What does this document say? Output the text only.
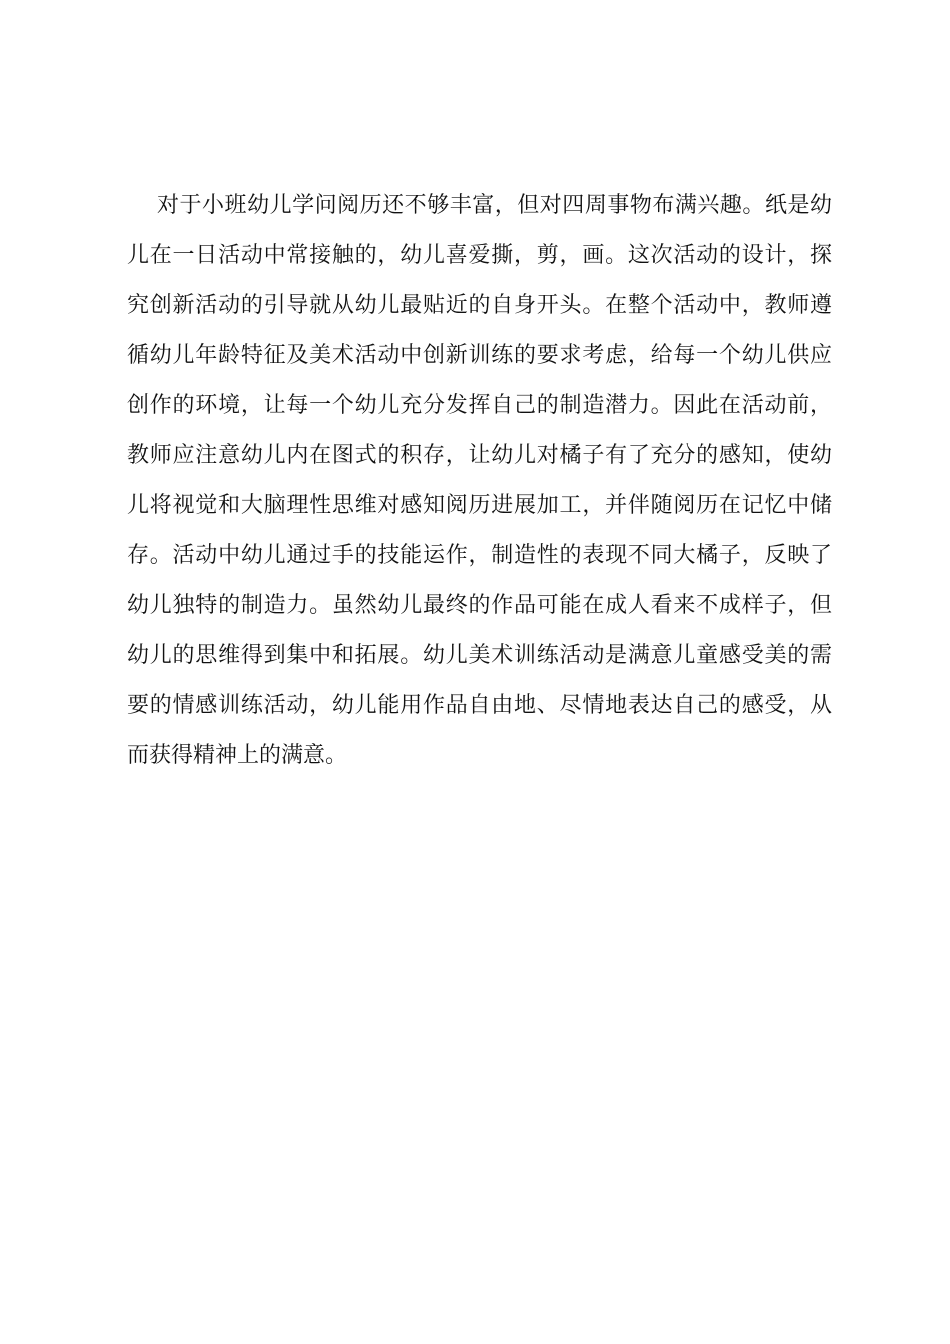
对于小班幼儿学问阅历还不够丰富，但对四周事物布满兴趣。纸是幼
儿在一日活动中常接触的，幼儿喜爱撕，剪，画。这次活动的设计，探
究创新活动的引导就从幼儿最贴近的自身开头。在整个活动中，教师遵
循幼儿年龄特征及美术活动中创新训练的要求考虑，给每一个幼儿供应
创作的环境，让每一个幼儿充分发挥自己的制造潜力。因此在活动前，
教师应注意幼儿内在图式的积存，让幼儿对橘子有了充分的感知，使幼
儿将视觉和大脑理性思维对感知阅历进展加工，并伴随阅历在记忆中储
存。活动中幼儿通过手的技能运作，制造性的表现不同大橘子，反映了
幼儿独特的制造力。虽然幼儿最终的作品可能在成人看来不成样子，但
幼儿的思维得到集中和拓展。幼儿美术训练活动是满意儿童感受美的需
要的情感训练活动，幼儿能用作品自由地、尽情地表达自己的感受，从
而获得精神上的满意。
